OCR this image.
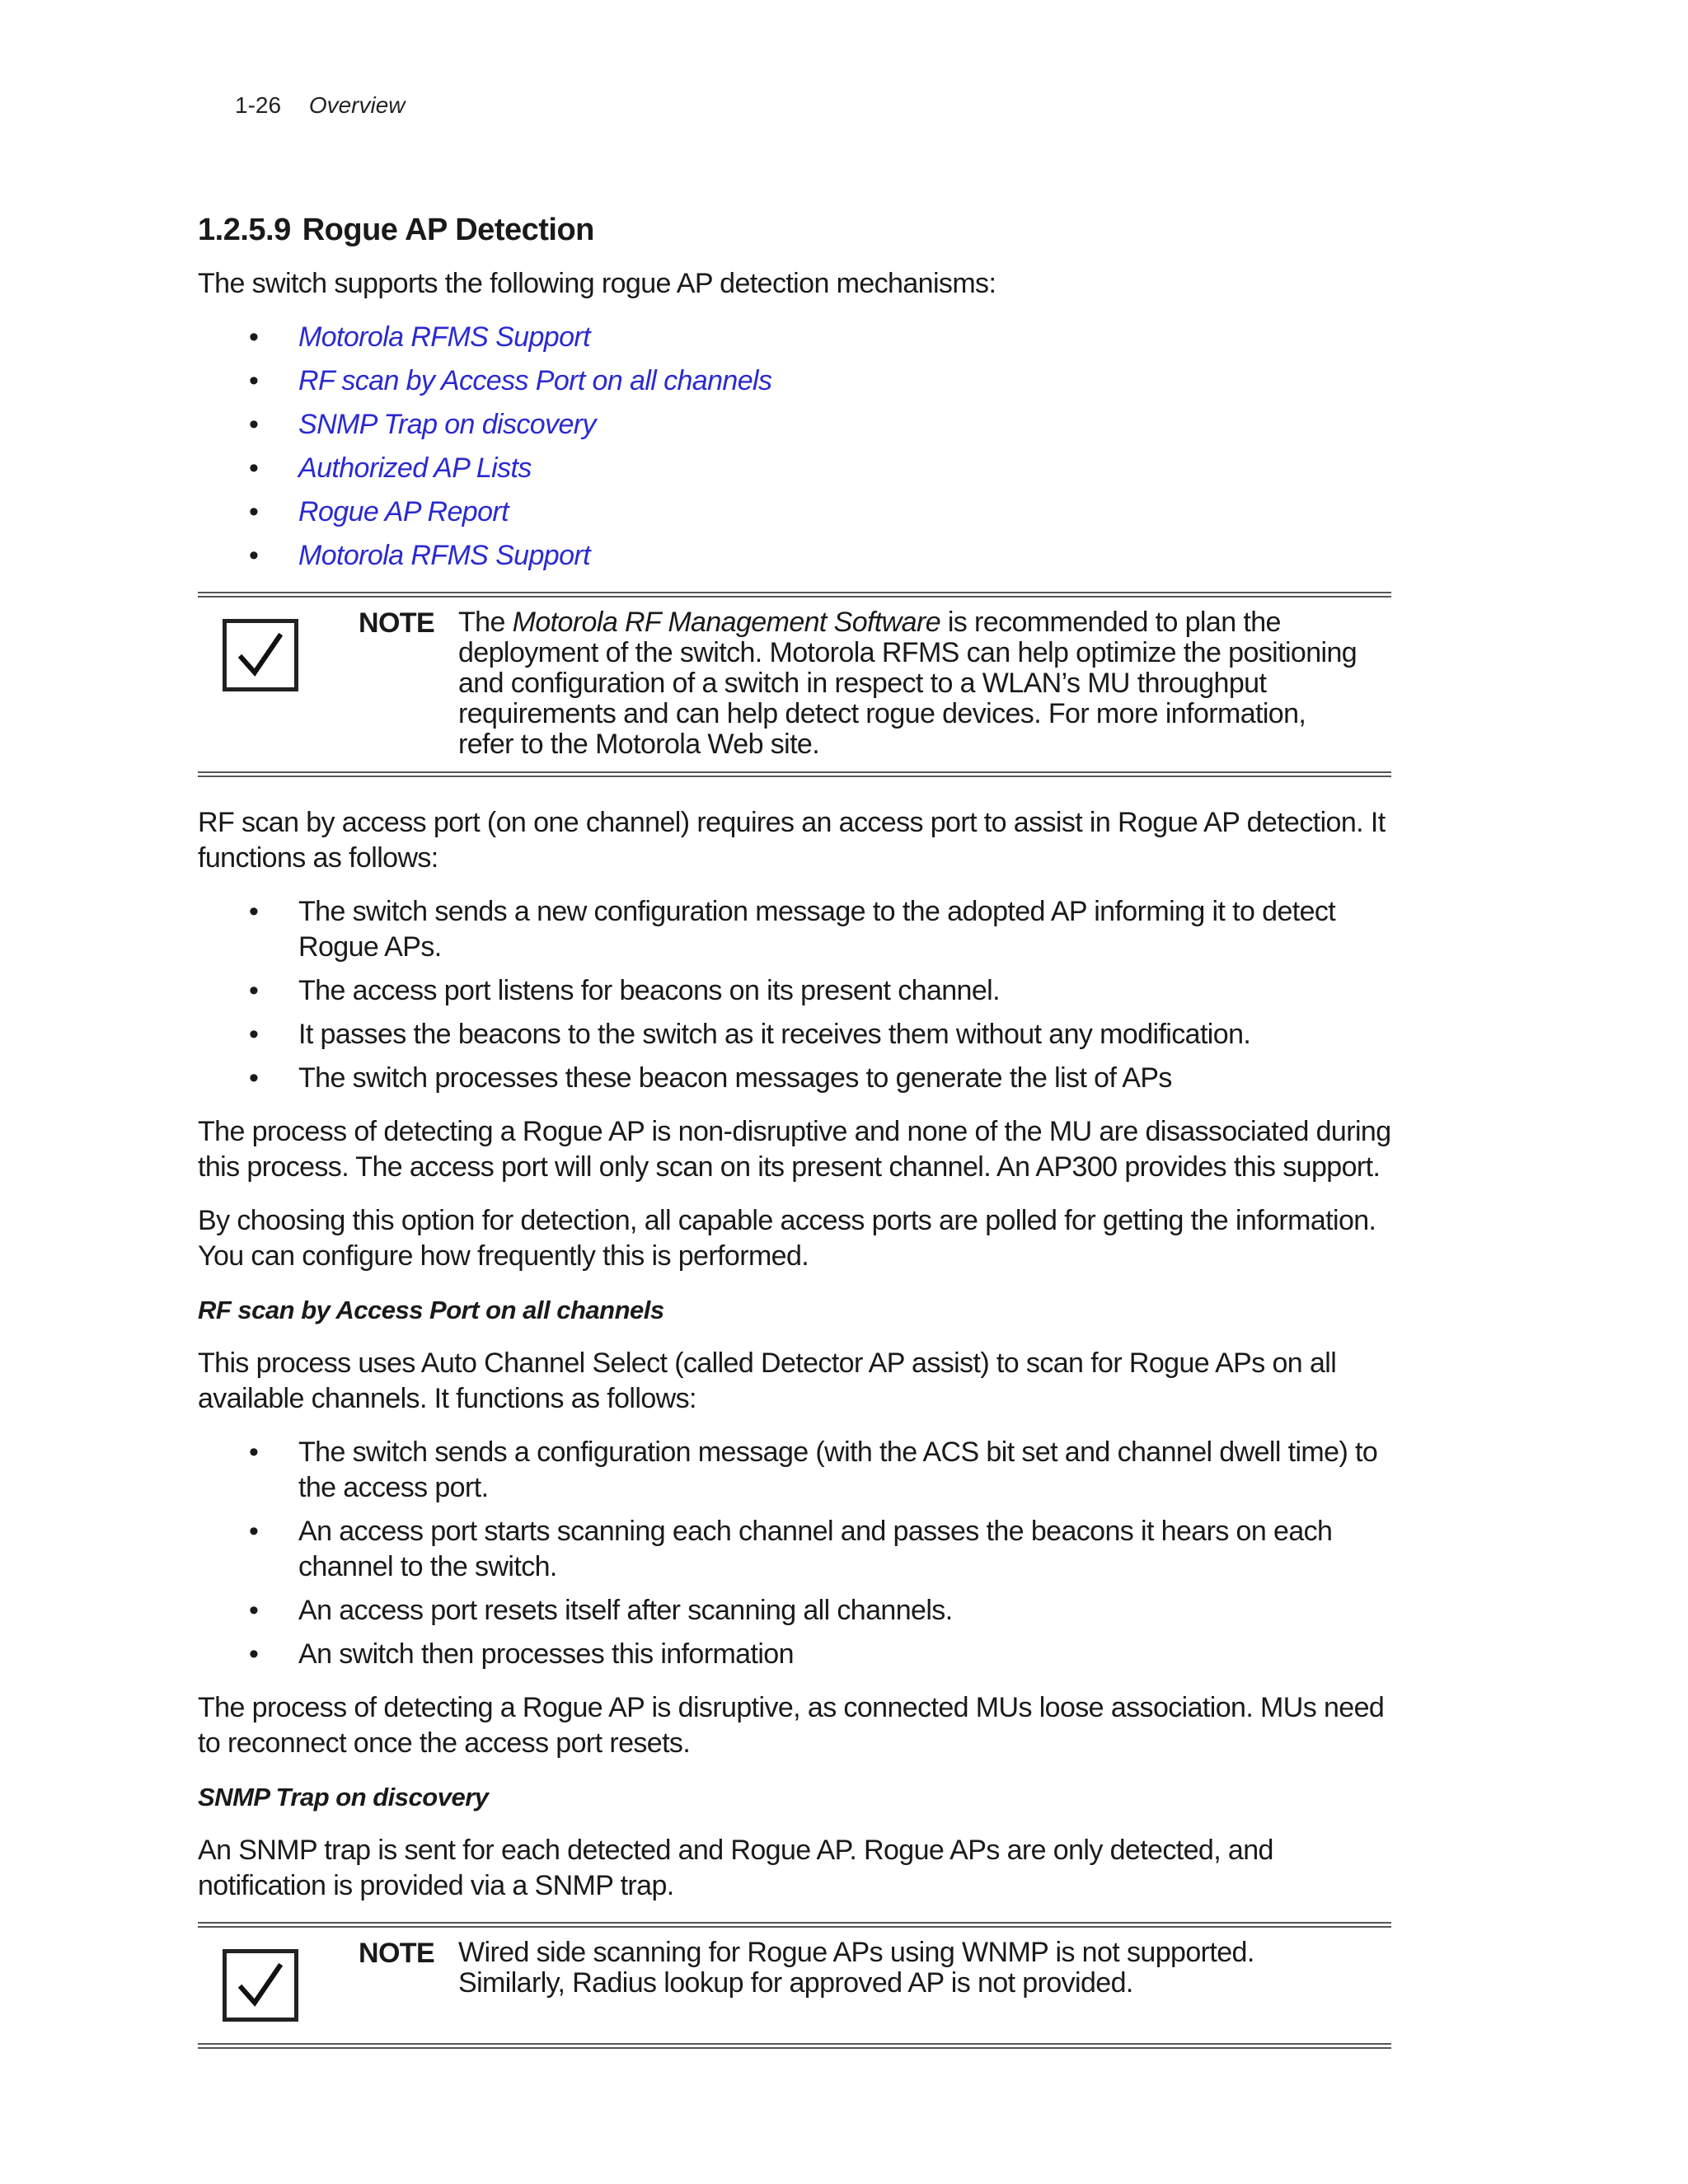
1-26 Overview
1.2.5.9 Rogue AP Detection

The switch supports the following rogue AP detection mechanisms:

• Motorola RFMS Support
• RF scan by Access Port on all channels
• SNMP Trap on discovery
• Authorized AP Lists
• Rogue AP Report
• Motorola RFMS Support
NOTE The Motorola RF Management Software is recommended to plan the deployment of the switch. Motorola RFMS can help optimize the positioning and configuration of a switch in respect to a WLAN’s MU throughput requirements and can help detect rogue devices. For more information, refer to the Motorola Web site.

RF scan by access port (on one channel) requires an access port to assist in Rogue AP detection. It functions as follows:

• The switch sends a new configuration message to the adopted AP informing it to detect Rogue APs.
• The access port listens for beacons on its present channel.
• It passes the beacons to the switch as it receives them without any modification.
• The switch processes these beacon messages to generate the list of APs

The process of detecting a Rogue AP is non-disruptive and none of the MU are disassociated during this process. The access port will only scan on its present channel. An AP300 provides this support.

By choosing this option for detection, all capable access ports are polled for getting the information. You can configure how frequently this is performed.

RF scan by Access Port on all channels

This process uses Auto Channel Select (called Detector AP assist) to scan for Rogue APs on all available channels. It functions as follows:

• The switch sends a configuration message (with the ACS bit set and channel dwell time) to the access port.
• An access port starts scanning each channel and passes the beacons it hears on each channel to the switch.
• An access port resets itself after scanning all channels.
• An switch then processes this information

The process of detecting a Rogue AP is disruptive, as connected MUs loose association. MUs need to reconnect once the access port resets.

SNMP Trap on discovery

An SNMP trap is sent for each detected and Rogue AP. Rogue APs are only detected, and notification is provided via a SNMP trap.

NOTE Wired side scanning for Rogue APs using WNMP is not supported. Similarly, Radius lookup for approved AP is not provided.
